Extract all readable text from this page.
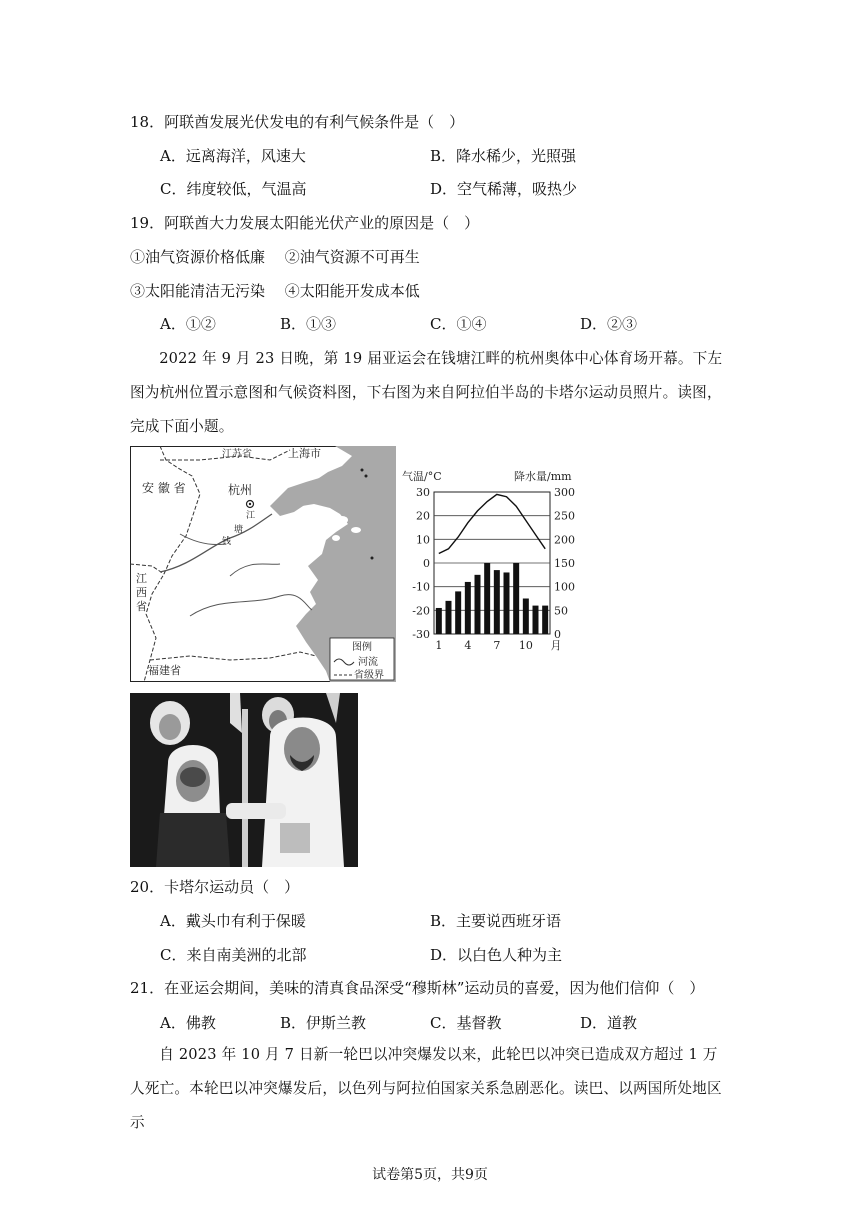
18．阿联酋发展光伏发电的有利气候条件是（　）
A．远离海洋，风速大	B．降水稀少，光照强
C．纬度较低，气温高	D．空气稀薄，吸热少
19．阿联酋大力发展太阳能光伏产业的原因是（　）
①油气资源价格低廉　 ②油气资源不可再生
③太阳能清洁无污染　 ④太阳能开发成本低
A．①②	B．①③	C．①④	D．②③
2022 年 9 月 23 日晚，第 19 届亚运会在钱塘江畔的杭州奥体中心体育场开幕。下左图为杭州位置示意图和气候资料图，下右图为来自阿拉伯半岛的卡塔尔运动员照片。读图，完成下面小题。
江苏省	上海市
安 徽 省	杭州
江
塘
钱
江
西
省
福建省
图例
河流
省级界
气温/°C	降水量/mm
30
20
10
0
-10
-20
-30
300
250
200
150
100
50
0
1 4 7 10 月
20．卡塔尔运动员（　）
A．戴头巾有利于保暖	B．主要说西班牙语
C．来自南美洲的北部	D．以白色人种为主
21．在亚运会期间，美味的清真食品深受“穆斯林”运动员的喜爱，因为他们信仰（　）
A．佛教	B．伊斯兰教	C．基督教	D．道教
自 2023 年 10 月 7 日新一轮巴以冲突爆发以来，此轮巴以冲突已造成双方超过 1 万人死亡。本轮巴以冲突爆发后，以色列与阿拉伯国家关系急剧恶化。读巴、以两国所处地区示
试卷第5页，共9页
